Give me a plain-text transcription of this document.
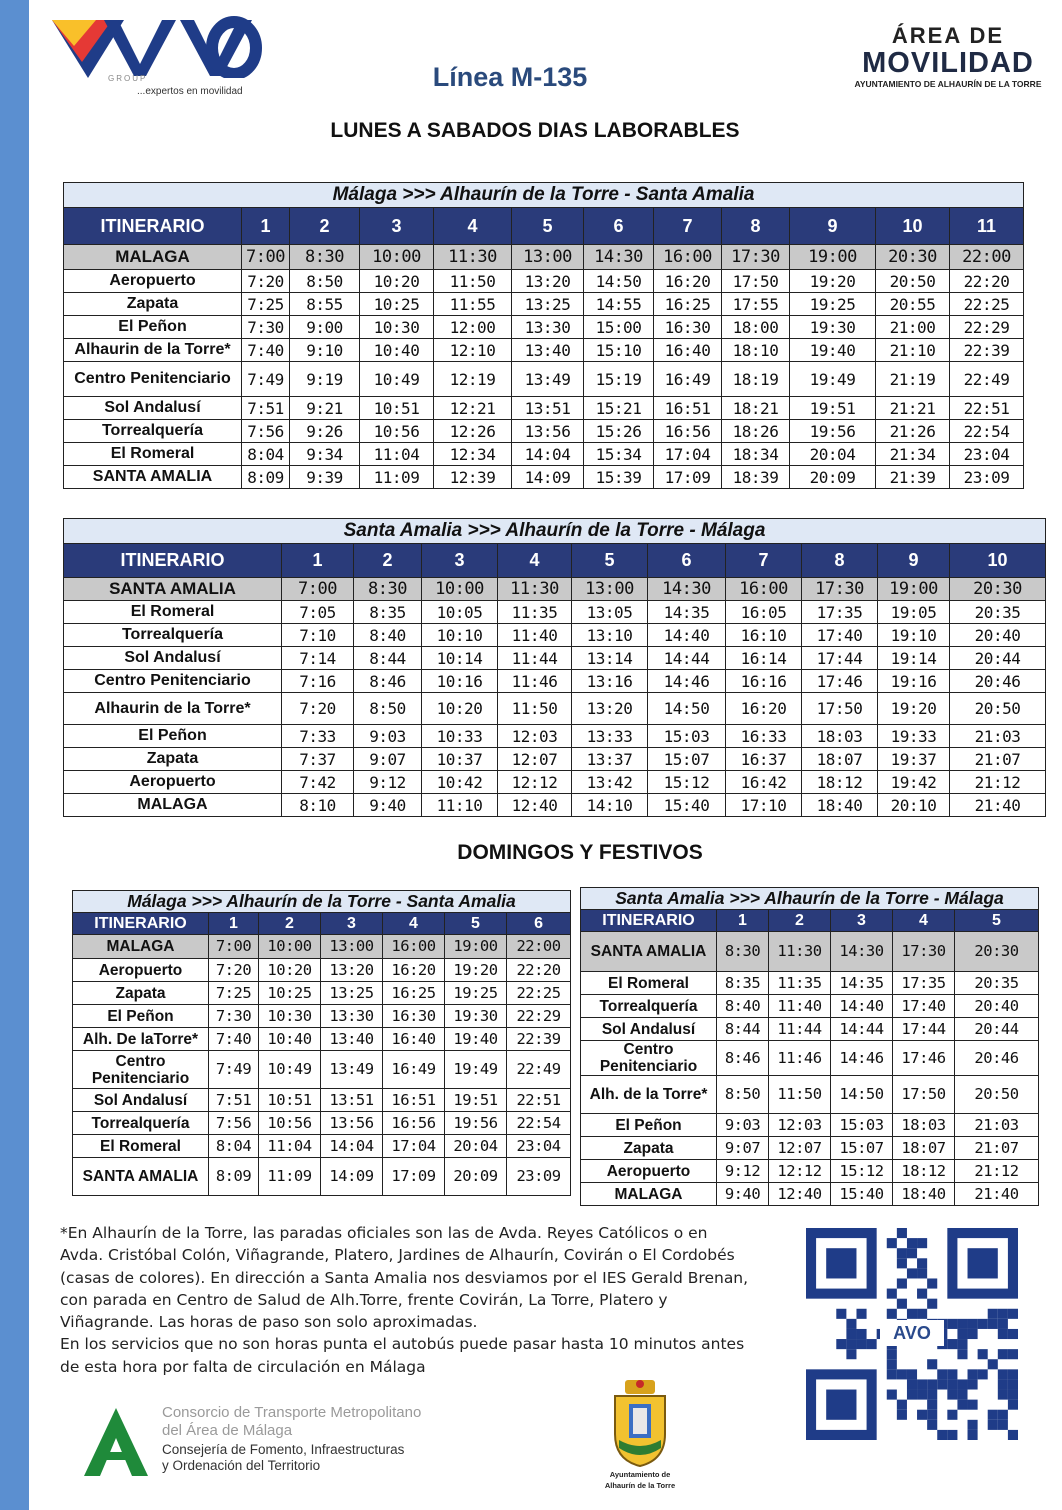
GROUP
...expertos en movilidad	Línea M-135
ÁREA DE
MOVILIDAD
AYUNTAMIENTO DE ALHAURÍN DE LA TORRE
LUNES A SABADOS DIAS LABORABLES
Málaga >>> Alhaurín de la Torre - Santa Amalia											
ITINERARIO	1	2	3	4	5	6	7	8	9	10	11
MALAGA	7:00	8:30	10:00	11:30	13:00	14:30	16:00	17:30	19:00	20:30	22:00
Aeropuerto	7:20	8:50	10:20	11:50	13:20	14:50	16:20	17:50	19:20	20:50	22:20
Zapata	7:25	8:55	10:25	11:55	13:25	14:55	16:25	17:55	19:25	20:55	22:25
El Peñon	7:30	9:00	10:30	12:00	13:30	15:00	16:30	18:00	19:30	21:00	22:29
Alhaurin de la Torre*	7:40	9:10	10:40	12:10	13:40	15:10	16:40	18:10	19:40	21:10	22:39
Centro Penitenciario	7:49	9:19	10:49	12:19	13:49	15:19	16:49	18:19	19:49	21:19	22:49
Sol Andalusí	7:51	9:21	10:51	12:21	13:51	15:21	16:51	18:21	19:51	21:21	22:51
Torrealquería	7:56	9:26	10:56	12:26	13:56	15:26	16:56	18:26	19:56	21:26	22:54
El Romeral	8:04	9:34	11:04	12:34	14:04	15:34	17:04	18:34	20:04	21:34	23:04
SANTA AMALIA	8:09	9:39	11:09	12:39	14:09	15:39	17:09	18:39	20:09	21:39	23:09
Santa Amalia >>> Alhaurín de la Torre - Málaga										
ITINERARIO	1	2	3	4	5	6	7	8	9	10
SANTA AMALIA	7:00	8:30	10:00	11:30	13:00	14:30	16:00	17:30	19:00	20:30
El Romeral	7:05	8:35	10:05	11:35	13:05	14:35	16:05	17:35	19:05	20:35
Torrealquería	7:10	8:40	10:10	11:40	13:10	14:40	16:10	17:40	19:10	20:40
Sol Andalusí	7:14	8:44	10:14	11:44	13:14	14:44	16:14	17:44	19:14	20:44
Centro Penitenciario	7:16	8:46	10:16	11:46	13:16	14:46	16:16	17:46	19:16	20:46
Alhaurin de la Torre*	7:20	8:50	10:20	11:50	13:20	14:50	16:20	17:50	19:20	20:50
El Peñon	7:33	9:03	10:33	12:03	13:33	15:03	16:33	18:03	19:33	21:03
Zapata	7:37	9:07	10:37	12:07	13:37	15:07	16:37	18:07	19:37	21:07
Aeropuerto	7:42	9:12	10:42	12:12	13:42	15:12	16:42	18:12	19:42	21:12
MALAGA	8:10	9:40	11:10	12:40	14:10	15:40	17:10	18:40	20:10	21:40
DOMINGOS Y FESTIVOS
Málaga >>> Alhaurín de la Torre - Santa Amalia						
ITINERARIO	1	2	3	4	5	6
MALAGA	7:00	10:00	13:00	16:00	19:00	22:00
Aeropuerto	7:20	10:20	13:20	16:20	19:20	22:20
Zapata	7:25	10:25	13:25	16:25	19:25	22:25
El Peñon	7:30	10:30	13:30	16:30	19:30	22:29
Alh. De laTorre*	7:40	10:40	13:40	16:40	19:40	22:39
Centro Penitenciario	7:49	10:49	13:49	16:49	19:49	22:49
Sol Andalusí	7:51	10:51	13:51	16:51	19:51	22:51
Torrealquería	7:56	10:56	13:56	16:56	19:56	22:54
El Romeral	8:04	11:04	14:04	17:04	20:04	23:04
SANTA AMALIA	8:09	11:09	14:09	17:09	20:09	23:09
Santa Amalia >>> Alhaurín de la Torre - Málaga					
ITINERARIO	1	2	3	4	5
SANTA AMALIA	8:30	11:30	14:30	17:30	20:30
El Romeral	8:35	11:35	14:35	17:35	20:35
Torrealquería	8:40	11:40	14:40	17:40	20:40
Sol Andalusí	8:44	11:44	14:44	17:44	20:44
Centro Penitenciario	8:46	11:46	14:46	17:46	20:46
Alh. de la Torre*	8:50	11:50	14:50	17:50	20:50
El Peñon	9:03	12:03	15:03	18:03	21:03
Zapata	9:07	12:07	15:07	18:07	21:07
Aeropuerto	9:12	12:12	15:12	18:12	21:12
MALAGA	9:40	12:40	15:40	18:40	21:40
*En Alhaurín de la Torre, las paradas oficiales son las de Avda. Reyes Católicos o en Avda. Cristóbal Colón, Viñagrande, Platero, Jardines de Alhaurín, Covirán o El Cordobés (casas de colores). En dirección a Santa Amalia nos desviamos por el IES Gerald Brenan, con parada en Centro de Salud de Alh.Torre, frente Covirán, La Torre, Platero y Viñagrande. Las horas de paso son solo aproximadas.
En los servicios que no son horas punta el autobús puede pasar hasta 10 minutos antes de esta hora por falta de circulación en Málaga
AVO
Consorcio de Transporte Metropolitano
del Área de Málaga
Consejería de Fomento, Infraestructuras
y Ordenación del Territorio
Ayuntamiento de
Alhaurín de la Torre
